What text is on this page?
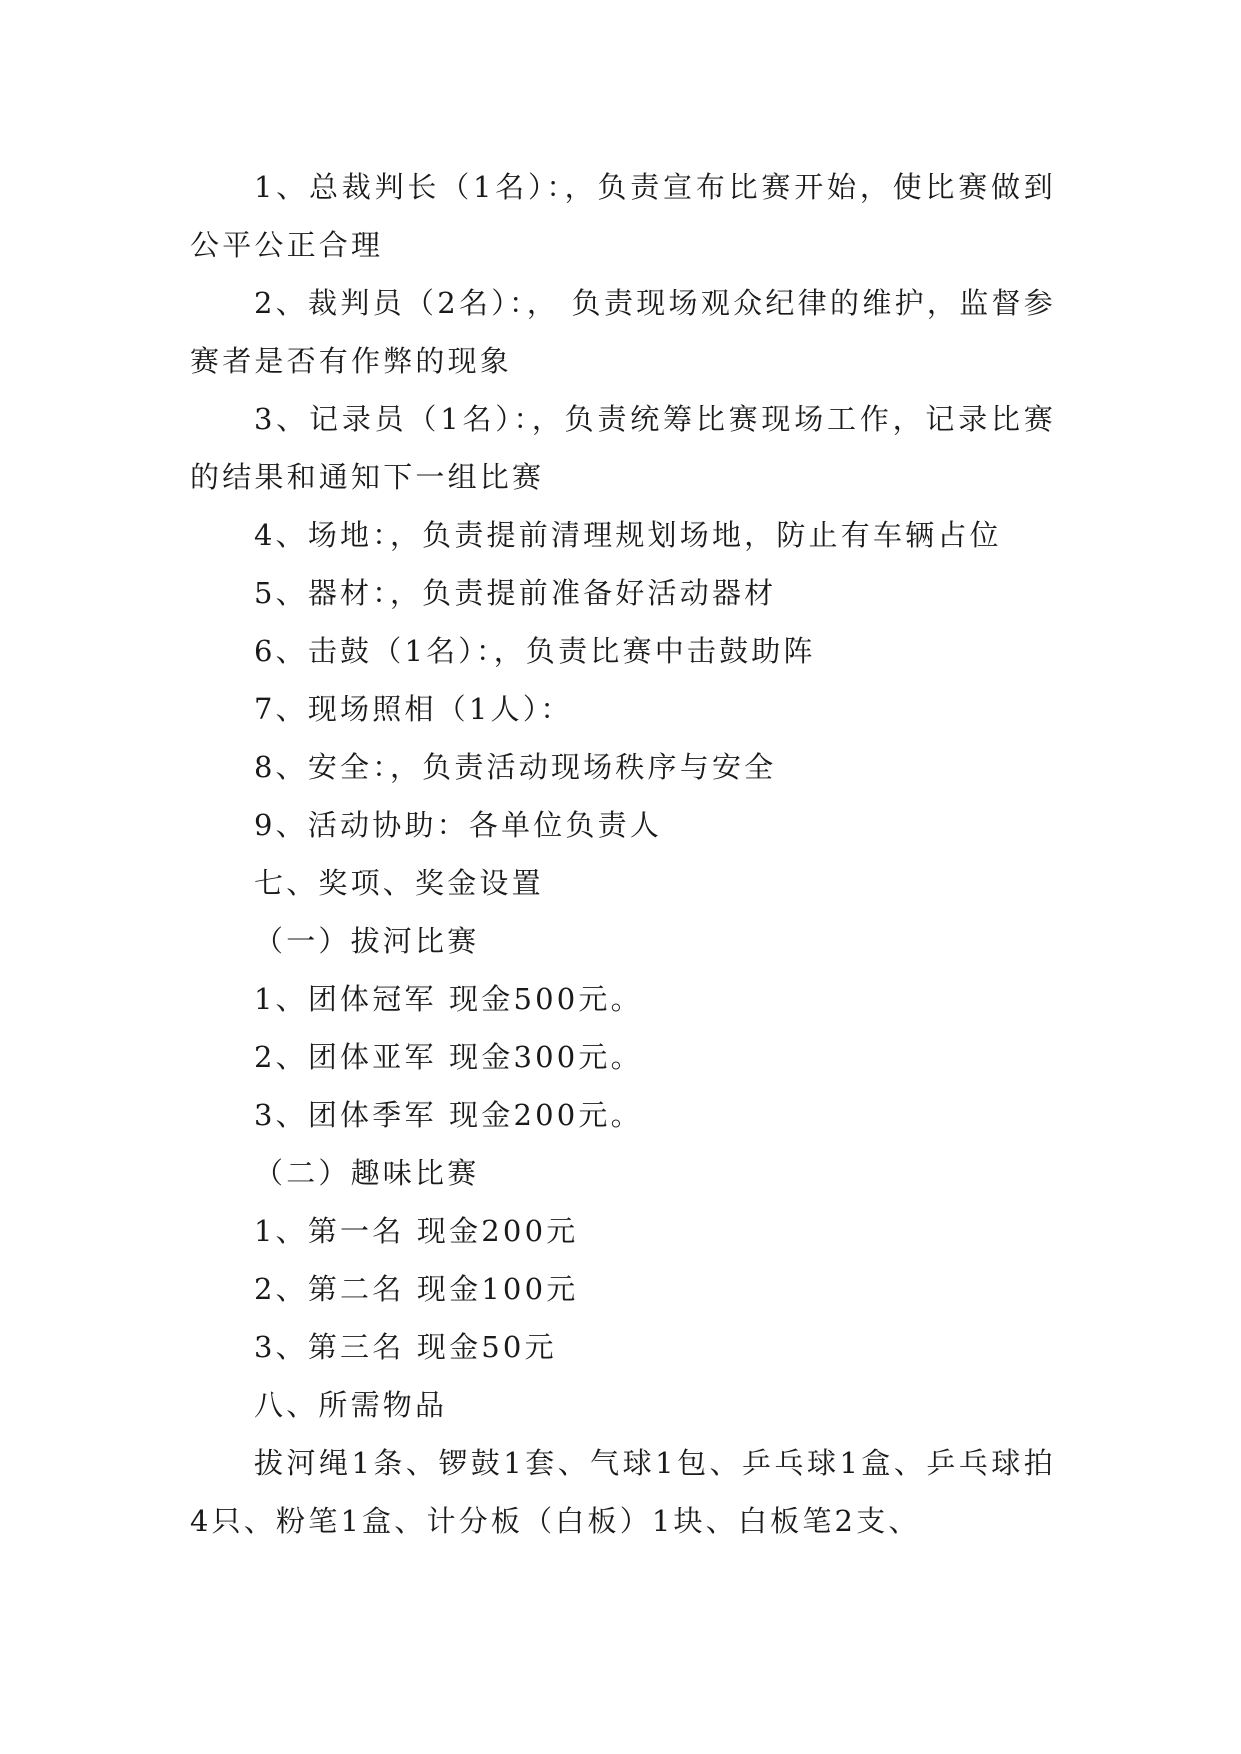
1、总裁判长（1名）：，负责宣布比赛开始，使比赛做到公平公正合理

2、裁判员（2名）：， 负责现场观众纪律的维护，监督参赛者是否有作弊的现象

3、记录员（1名）：，负责统筹比赛现场工作，记录比赛的结果和通知下一组比赛

4、场地：，负责提前清理规划场地，防止有车辆占位

5、器材：，负责提前准备好活动器材

6、击鼓（1名）：，负责比赛中击鼓助阵

7、现场照相（1人）：

8、安全：，负责活动现场秩序与安全

9、活动协助：各单位负责人

七、奖项、奖金设置

（一）拔河比赛

1、团体冠军 现金500元。

2、团体亚军 现金300元。

3、团体季军 现金200元。

（二）趣味比赛

1、第一名 现金200元

2、第二名 现金100元

3、第三名 现金50元

八、所需物品

拔河绳1条、锣鼓1套、气球1包、乒乓球1盒、乒乓球拍4只、粉笔1盒、计分板（白板）1块、白板笔2支、
